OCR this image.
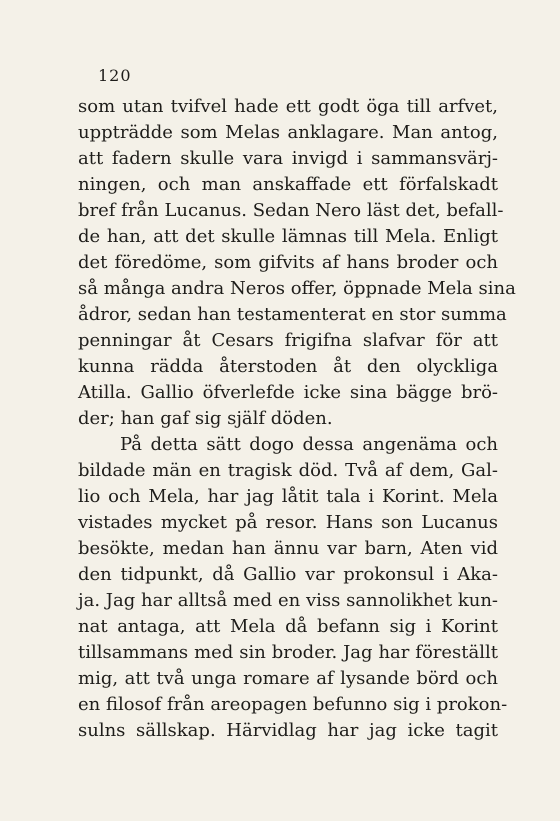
120

som utan tvifvel hade ett godt öga till arfvet,
uppträdde som Melas anklagare. Man antog,
att fadern skulle vara invigd i sammansvärj-
ningen, och man anskaffade ett förfalskadt
bref från Lucanus. Sedan Nero läst det, befall-
de han, att det skulle lämnas till Mela. Enligt
det föredöme, som gifvits af hans broder och
så många andra Neros offer, öppnade Mela sina
ådror, sedan han testamenterat en stor summa
penningar åt Cesars frigifna slafvar för att
kunna rädda återstoden åt den olyckliga
Atilla. Gallio öfverlefde icke sina bägge brö-
der; han gaf sig själf döden.

På detta sätt dogo dessa angenäma och
bildade män en tragisk död. Två af dem, Gal-
lio och Mela, har jag låtit tala i Korint. Mela
vistades mycket på resor. Hans son Lucanus
besökte, medan han ännu var barn, Aten vid
den tidpunkt, då Gallio var prokonsul i Aka-
ja. Jag har alltså med en viss sannolikhet kun-
nat antaga, att Mela då befann sig i Korint
tillsammans med sin broder. Jag har föreställt
mig, att två unga romare af lysande börd och
en filosof från areopagen befunno sig i prokon-
sulns sällskap. Härvidlag har jag icke tagit
